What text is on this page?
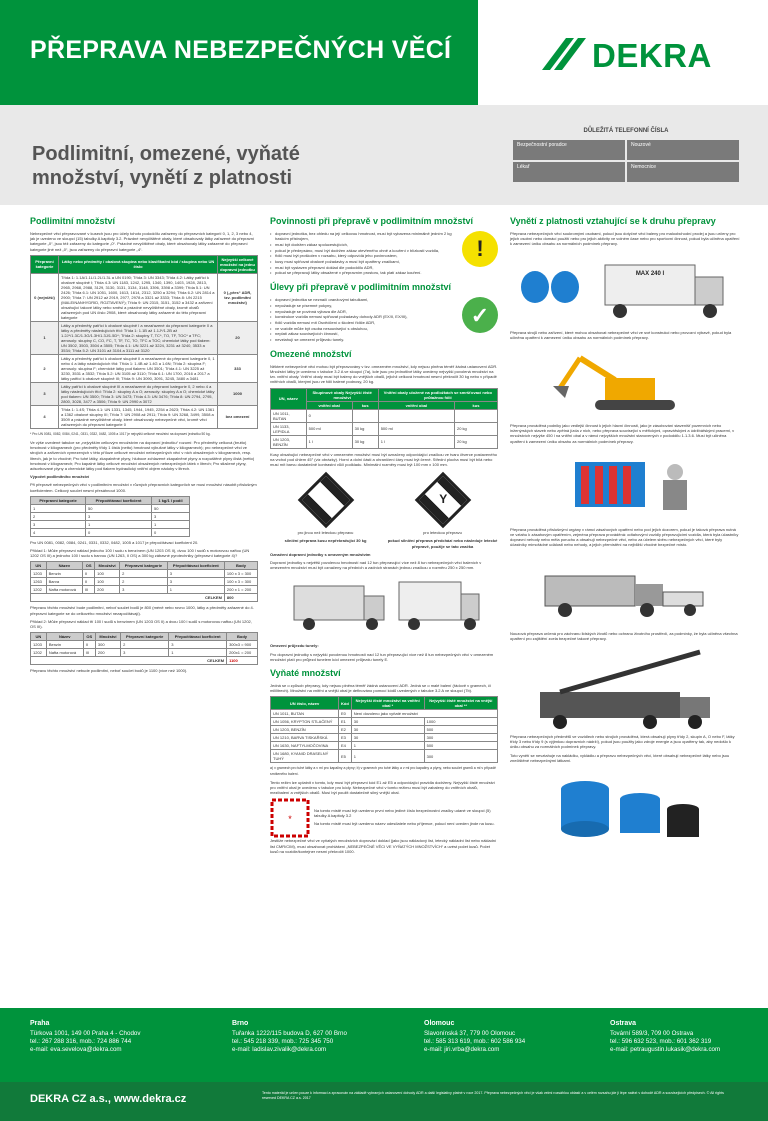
PŘEPRAVA NEBEZPEČNÝCH VĚCÍ	DEKRA
Podlimitní, omezené, vyňaté množství, vynětí z platnosti
DŮLEŽITÁ TELEFONNÍ ČÍSLA
Bezpečnostní poradce	Nouzové
Lékař	Nemocnice
Podlimitní množství

Nebezpečné věci přepravované v kusech jsou pro účely tohoto pododdílu zařazeny do přepravních kategorií 0, 1, 2, 3 nebo 4, jak je uvedeno ve sloupci (15) tabulky A kapitoly 3.2. Prázdné nevyčištěné obaly, které obsahovaly látky zařazené do přepravní kategorie „0“, jsou též zařazeny do kategorie „0“. Prázdné nevyčištěné obaly, které obsahovaly látky zařazené do přepravní kategorie jiné než „0“, jsou zařazeny do přepravní kategorie „4“.

Přepravní kategorie	Látky nebo předměty / obalová skupina nebo klasifikační kód / skupina nebo UN číslo	Nejvyšší celkové množství na jednu dopravní jednotku
0 (nejnižší)	Třída 1: 1.1A/1.1L/1.2L/1.3L a UN 0190; Třída 3: UN 3343; Třída 4.2: Látky patřící k obalové skupině I; Třída 4.3: UN 1183, 1242, 1295, 1340, 1390, 1403, 1928, 2813, 2965, 2968, 2988, 3129, 3130, 3131, 3134, 3148, 3396, 3398 a 3399; Třída 5.1: UN 2426; Třída 6.1: UN 1051, 1600, 1613, 1614, 2312, 3250 a 3294; Třída 6.2: UN 2814 a 2900; Třída 7: UN 2912 až 2919, 2977, 2978 a 3321 až 3333; Třída 8: UN 2215 (MALEINANHYDRID, ROZTAVENÝ); Třída 9: UN 2315, 3151, 3152 a 3432 a zařízení obsahující takové látky nebo směsi a prázdné nevyčištěné obaly, kromě obalů zařazených pod UN číslo 2908, které obsahovaly látky zařazené do této přepravní kategorie	0 („přes“ ADR, tzv. podlimitní množství)
1	Látky a předměty patřící k obalové skupině I a nezařazené do přepravní kategorie 0 a látky a předměty následujících tříd: Třída 1: 1.1B až 1.1J*/1.2B až 1.2J*/1.3C/1.3G/1.3H/1.3J/1.5D*; Třída 2: skupiny T, TC*, TO, TF, TOC* a TFC; aerosoly: skupiny C, CO, FC, T, TF, TC, TO, TFC a TOC; chemické látky pod tlakem: UN 3502, 3503, 3504 a 3505; Třída 4.1: UN 3221 až 3224, 3231 až 3240, 3533 a 3534; Třída 5.2: UN 3101 až 3104 a 3111 až 3120	20
2	Látky a předměty patřící k obalové skupině II a nezařazené do přepravní kategorie 0, 1 nebo 4 a látky následujících tříd: Třída 1: 1.4B až 1.4G a 1.6N; Třída 2: skupina F; aerosoly: skupina F; chemické látky pod tlakem: UN 3501; Třída 4.1: UN 3225 až 3230, 3531 a 3532; Třída 5.2: UN 3105 až 3110; Třída 6.1: UN 1700, 2016 a 2017 a látky patřící k obalové skupině III; Třída 9: UN 3090, 3091, 3245, 3480 a 3481	333
3	Látky patřící k obalové skupině III a nezařazené do přepravní kategorie 0, 2 nebo 4 a látky následujících tříd: Třída 2: skupiny A a O; aerosoly: skupiny A a O; chemické látky pod tlakem: UN 3500; Třída 3: UN 3473; Třída 4.3: UN 3476; Třída 8: UN 2794, 2795, 2800, 3028, 3477 a 3506; Třída 9: UN 2990 a 3072	1000
4	Třída 1: 1.4S; Třída 4.1: UN 1331, 1345, 1944, 1945, 2254 a 2623; Třída 4.2: UN 1361 a 1362 obalové skupiny III; Třída 7: UN 2908 až 2911; Třída 9: UN 3268, 3499, 3508 a 3509 a prázdné nevyčištěné obaly, které obsahovaly nebezpečné věci, kromě věcí zařazených do přepravní kategorie 0	bez omezení

* Pro UN 0081, 0082, 0084, 0241, 0331, 0332, 0482, 1005 a 1017 je nejvyšší celkové množství na dopravní jednotku 50 kg.

Ve výše uvedené tabulce se „nejvyšším celkovým množstvím na dopravní jednotku“ rozumí: Pro předměty celková (brutto) hmotnost v kilogramech (pro předměty třídy 1 čistá (netto) hmotnost výbušné látky v kilogramech); pro nebezpečné věci ve strojích a zařízeních vymezených v této příloze celkové množství nebezpečných věcí v nich obsažených v kilogramech, resp. litrech, jak je to vhodné; Pro tuhé látky, zkapalněné plyny, hluboce zchlazené zkapalněné plyny a rozpuštěné plyny čistá (netto) hmotnost v kilogramech; Pro kapalné látky celkové množství obsažených nebezpečných látek v litrech; Pro stlačené plyny, adsorbované plyny a chemické látky pod tlakem hydraulický vnitřní objem nádoby v litrech.

Výpočet podlimitního množství

Při přepravě nebezpečných věcí v podlimitním množství v různých přepravních kategoriích se musí množství násobit příslušným koeficientem. Celkový součet nesmí přesáhnout 1000.

Přepravní kategorie	Přepočítávací koeficient	1 kg/1 l podíl
1	50	50
2	3	3
3	1	1
4	0	0

Pro UN 0081, 0082, 0084, 0241, 0331, 0332, 0482, 1005 a 1017 je přepočítávací koeficient 20.

Příklad 1: Může přepravní náklad jednoho 100 l sudu s benzínem (UN 1203 OS II), dvou 100 l sudů s motorovou naftou (UN 1202 OS III) a jednoho 100 l sudu s barvou (UN 1263, II OS) a 300 kg zábavné pyrotechniky (přepravní kategorie 4)?

UN	Název	OS	Množství	Přepravní kategorie	Přepočítávací koeficient	Body
1203	Benzin	II	100	2	3	100 x 3 = 300
1263	Barva	II	100	2	3	100 x 3 = 300
1202	Nafta motorová	III	200	3	1	200 x 1 = 200
CELKEM						800

Přepravu těchto množství bude podlimitní, neboť součet bodů je 800 (méně nebo rovno 1000, látky a předměty zařazené do 4. přepravní kategorie se do celkového množství nezapočítávají).

Příklad 2: Může přepravní náklad tří 100 l sudů s benzínem (UN 1203 OS II) a dvou 100 l sudů s motorovou naftou (UN 1202, OS III).

UN	Název	OS	Množství	Přepravní kategorie	Přepočítávací koeficient	Body
1203	Benzin	II	300	2	3	300x3 = 900
1202	Nafta motorová	III	200	3	1	200x1 = 200
CELKEM						1100

Přepravu těchto množství nebude podlimitní, neboť součet bodů je 1100 (více než 1000).

Povinnosti při přepravě v podlimitním množství
• dopravní jednotka, bez ohledu na její celkovou hmotnost, musí být vybavena minimálně jedním 2 kg hasicím přístrojem,
• musí být dodržen zákaz spolucestujících,
• pokud je předepsáno, musí být dodržen zákaz otevřeného ohně a kouření v blízkosti vozidla,
• řidič musí být proškolen v rozsahu, který odpovídá jeho povinnostem,
• kusy musí splňovat obalové požadavky a musí být opatřeny značkami,
• musí být vystaven přepravní doklad dle pododdílu ADR,
• pokud se přepravují látky obsažené v přepravním prostoru, tak platí zákaz kouření.
!
Úlevy při přepravě v podlimitním množství
• dopravní jednotka se neznačí oranžovými tabulkami,
• nepožaduje se písemné pokyny,
• nepožaduje se povinná výbava dle ADR,
• konstrukce vozidla nemusí splňovat požadavky dohody ADR (EX/II, EX/III),
• řidič vozidla nemusí mít Osvědčení o školení řidiče ADR,
• ve vozidle může být osoba nesouvisející s obsluhou,
• neplatí zákaz souvisejících činností,
• nevztahují se omezení průjezdu tunely.
✓
Omezené množství

Některé nebezpečné věci mohou být přepravovány v tzv. omezeném množství, kdy nejsou plněna téměř žádná ustanovení ADR. Množství látky je uvedeno v tabulce 3.2 A ve sloupci (7a), kde jsou pro jednotlivé látky uvedeny nejvyšší povolená množství na tzv. vnitřní obaly. Vnitřní obaly musí být baleny do vnějších obalů, jejichž celková hmotnost nesmí překročit 30 kg nebo v případě vnitřních obalů, kterými jsou ve fólii balené podnosy, 20 kg.

UN, název	Skupinové obaly Nejvyšší čisté množství		Vnitřní obaly uložené na podložkách se smršťovací nebo průtažnou fólií	
	vnitřní obal	kus	vnitřní obal	kus
UN 1011, BUTAN	0			
UN 1133, LEPIDLA	500 ml	30 kg	500 ml	20 kg
UN 1203, BENZÍN	1 l	30 kg	1 l	20 kg

Kusy obsahující nebezpečné věci v omezeném množství musí být označeny odpovídající značkou ve tvaru čtverce postaveného na vrchol pod úhlem 45° (viz obrázky). Horní a dolní části a ohraničení čáry musí být černé. Střední plocha musí být bílá nebo musí mít barvu dostatečně kontrastní vůči podkladu. Minimální rozměry musí být 100 mm x 100 mm.

pro jinou než leteckou přepravu

silniční přeprava kusu nepřekračující 30 kg

Y

pro leteckou přepravu

pokud silniční přeprava předchází nebo následuje letecké přepravě, použije se tato značka

Označení dopravní jednotky s omezeným množstvím

Dopravní jednotky s největší povolenou hmotností nad 12 tun přepravující více než 8 tun nebezpečných věcí baleních v omezeném množství musí být označeny na předních a zadních stranách jednou značkou o rozměru 250 x 250 mm.

Omezení průjezdu tunely:

Pro dopravní jednotky s nejvyšší povolenou hmotností nad 12 tun přepravující více než 8 tun nebezpečných věcí v omezeném množství platí pro průjezd tunelem kód omezení průjezdu tunely E.

Vyňaté množství

Jedná se o způsob přepravy, kdy nejsou plněna téměř žádná ustanovení ADR. Jedná se o malé balení (řádově v gramech, či mililitrech). Množství na vnitřní a vnější obal je definováno pomocí kódů uvedených v tabulce 3.2 A ve sloupci (7b).

UN číslo, název	Kód	Nejvyšší čisté množství na vnitřní obal *	Nejvyšší čisté množství na vnější obal **
UN 1011, BUTAN	E0	Není dovoleno jako vyňaté množství	
UN 1056, KRYPTON STLAČENÝ	E1	30	1000
UN 1203, BENZÍN	E2	30	500
UN 1210, BARVA TISKAŘSKÁ	E3	30	300
UN 1630, NAFTYLMOČOVINA	E4	1	500
UN 1680, KYANID DRASELNÝ TUHÝ	E5	1	300

a) v gramech pro tuhé látky a v ml pro kapaliny a plyny; b) v gramech pro tuhé látky a v ml pro kapaliny a plyny, nebo součet gramů a ml v případě smíšeného balení.

Tento režim lze uplatnit v tomto, kdy musí být přepravní kód E1 až E5 a odpovídající pravidla dodrženy. Nejvyšší čisté množství pro vnitřní obal je uvedeno v tabulce pro kódy. Nebezpečné věci v tomto režimu musí být zabaleny do vnitřních obalů, mezibalení a vnějších obalů. Musí být použit dostatečně silný vnější obal.

*

Na tomto místě musí být uvedeno první nebo jediné číslo bezpečnostní značky udané ve sloupci (5) tabulky A kapitoly 3.2

Na tomto místě musí být uvedeno název odesílatele nebo příjemce, pokud není uveden jinde na kusu.

Jestliže nebezpečné věci ve vyňatých množstvích doprovází doklad (jako jsou nákladový list, letecký nákladní list nebo nákladní list CMR/CIM), musí obsahovat prohlášení „NEBEZPEČNÉ VĚCI VE VYŇATÝCH MNOŽSTVÍCH“ a uvést počet kusů. Počet kusů na vozidle/kontejner nesmí překročit 1000.

Vynětí z platnosti vztahující se k druhu přepravy

Přeprava nebezpečných věcí soukromými osobami, pokud jsou dotyčné věci baleny pro maloobchodní prodej a jsou určeny pro jejich osobní nebo domácí použití nebo pro jejich aktivity ve volném čase nebo pro sportovní činnost, pokud byla učiněna opatření k zamezení úniku obsahu za normálních podmínek přepravy.

MAX 240 l

Přeprava strojů nebo zařízení, které mohou obsahovat nebezpečné věci ve své konstrukci nebo provozní výbavě, pokud byla učiněna opatření k zamezení úniku obsahu za normálních podmínek přepravy.

Přeprava prováděná podniky jako vedlejší činnost k jejich hlavní činnosti, jako je zásobování stavenišť pozemních nebo inženýrských staveb nebo zpětná jízda z nich, nebo přeprava související s měřickými, opravářskými a údržbářskými pracemi, v množstvích nejvýše 450 l na vnitřní obal a v rámci nejvyšších množství stanovených v pododdílu 1.1.3.6. Musí být učiněna opatření k zamezení úniku obsahu za normálních podmínek přepravy.

Přeprava prováděná příslušnými orgány v rámci zásahových opatření nebo pod jejich dozorem, pokud je taková přeprava nutná ve vztahu k zásahovým opatřením, zejména přeprava prováděná: odtahovými vozidly přepravujícími vozidla, která byla účastníky dopravní nehody nebo měla poruchu a obsahují nebezpečné věci, nebo za účelem sběru nebezpečných věcí, které byly účastníky mimořádné události nebo nehody, a jejich přemístění na nejbližší vhodné bezpečné místo.

Nouzová přeprava určená pro záchranu lidských životů nebo ochranu životního prostředí, za podmínky, že byla učiněna všechna opatření pro zajištění zcela bezpečné takové přepravy.

Přeprava nebezpečných předmětů ve vozidlech nebo strojích prováděná, která obsahují plyny třídy 2, skupin A, O nebo F, látky třídy 3 nebo třídy 9 (s výjimkou dopravních nádrží), pokud jsou použity jako zdroje energie a jsou opatřeny tak, aby nedošlo k úniku obsahu za normálních podmínek přepravy.

Toto vynětí se nevztahuje na nakládku, vykládku a přepravu nebezpečných věcí, které obsahují nebezpečné látky nebo jsou znečištěné nebezpečnými látkami.

Praha
Türkova 1001, 149 00 Praha 4 - Chodov
tel.: 267 288 316, mob.: 724 886 744
e-mail: eva.sevelova@dekra.com
Brno
Tuřanka 1222/115 budova D, 627 00 Brno
tel.: 545 218 339, mob.: 725 345 750
e-mail: ladislav.zivalik@dekra.com
Olomouc
Slavonínská 37, 779 00 Olomouc
tel.: 585 313 619, mob.: 602 586 934
e-mail: jiri.vrba@dekra.com
Ostrava
Tovární 589/3, 709 00 Ostrava
tel.: 596 632 523, mob.: 601 362 319
e-mail: petraugustin.lukasik@dekra.com
DEKRA CZ a.s., www.dekra.cz	Tento materiál je určen pouze k informaci a zpracován na základě vybraných ustanovení dohody ADR a další legislativy platné v roce 2017. Přeprava nebezpečných věcí je však velmi rozsáhlou oblastí a v celém rozsahu jde ji lépe nalézt v dohodě ADR a souvisejících předpisech. © All rights reserved DEKRA CZ a.s. 2017
